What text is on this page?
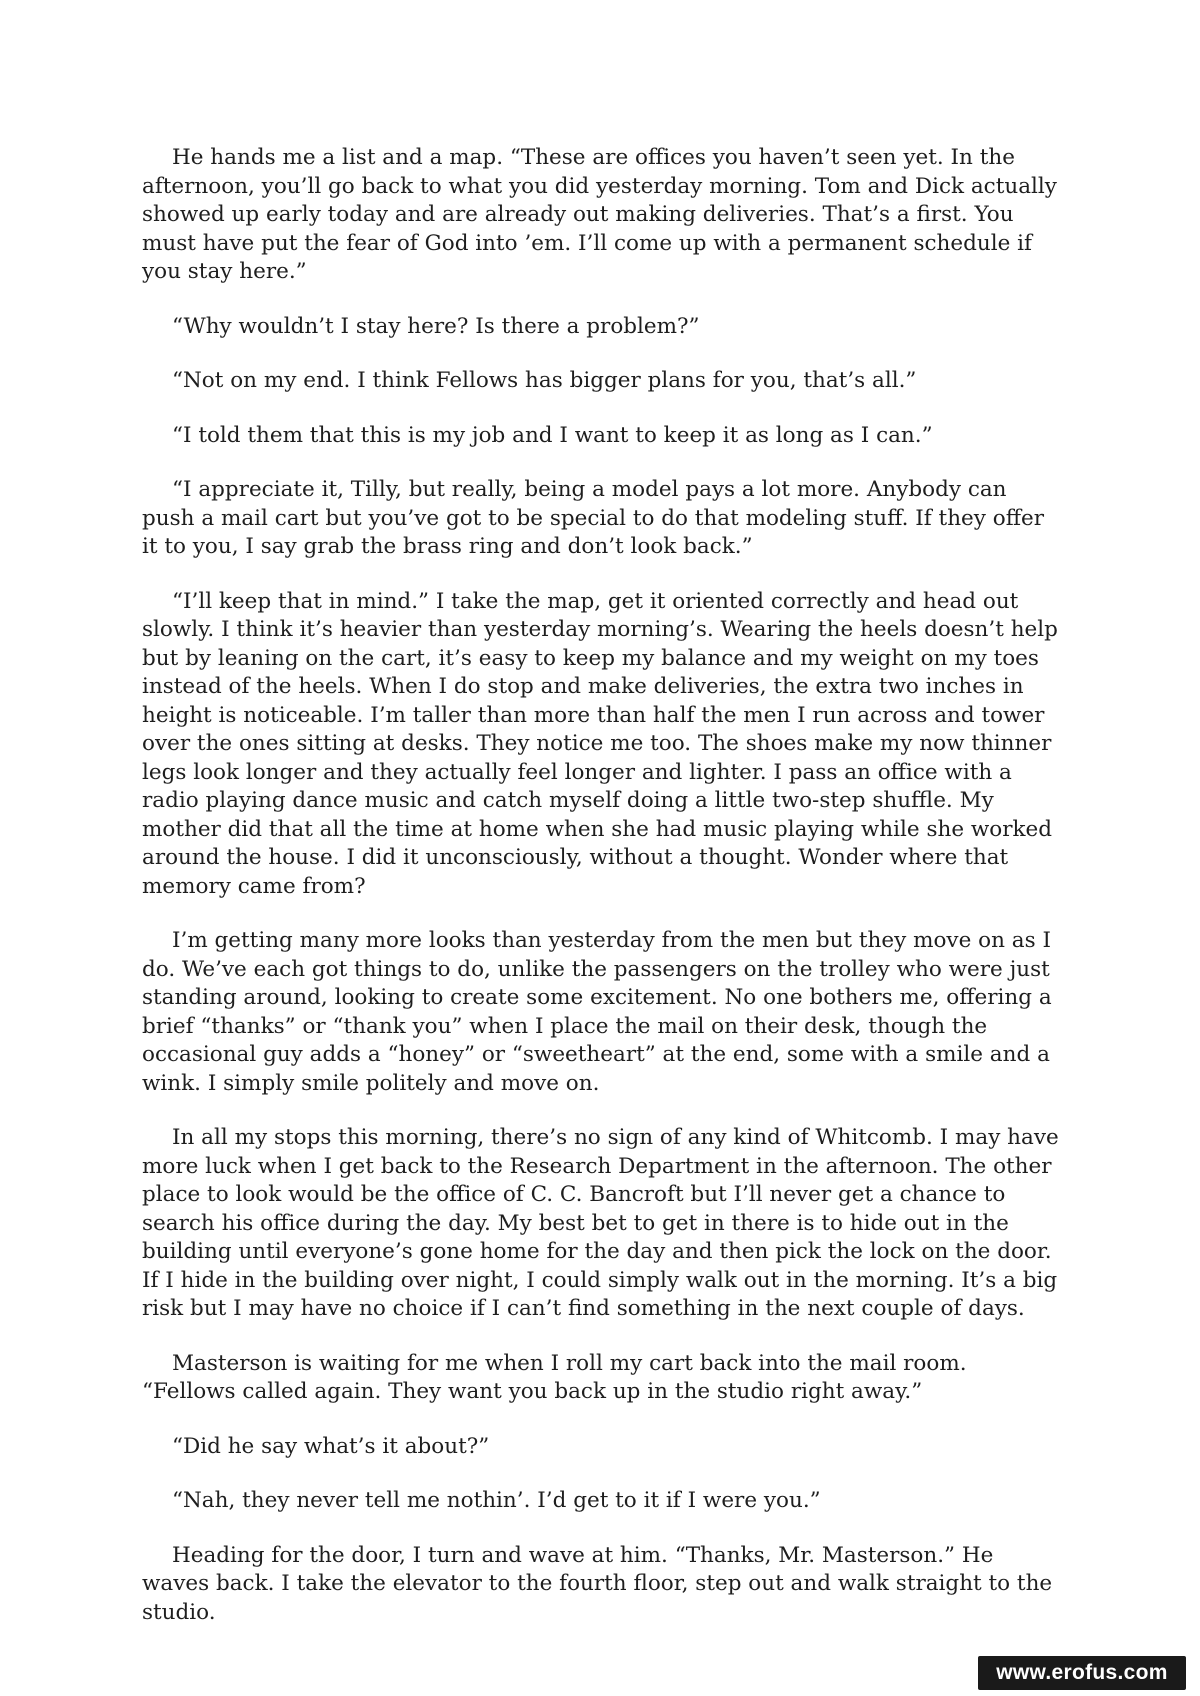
He hands me a list and a map. “These are offices you haven’t seen yet. In the afternoon, you’ll go back to what you did yesterday morning. Tom and Dick actually showed up early today and are already out making deliveries. That’s a first. You must have put the fear of God into ’em. I’ll come up with a permanent schedule if you stay here.”

“Why wouldn’t I stay here? Is there a problem?”

“Not on my end. I think Fellows has bigger plans for you, that’s all.”

“I told them that this is my job and I want to keep it as long as I can.”

“I appreciate it, Tilly, but really, being a model pays a lot more. Anybody can push a mail cart but you’ve got to be special to do that modeling stuff. If they offer it to you, I say grab the brass ring and don’t look back.”

“I’ll keep that in mind.” I take the map, get it oriented correctly and head out slowly. I think it’s heavier than yesterday morning’s. Wearing the heels doesn’t help but by leaning on the cart, it’s easy to keep my balance and my weight on my toes instead of the heels. When I do stop and make deliveries, the extra two inches in height is noticeable. I’m taller than more than half the men I run across and tower over the ones sitting at desks. They notice me too. The shoes make my now thinner legs look longer and they actually feel longer and lighter. I pass an office with a radio playing dance music and catch myself doing a little two-step shuffle. My mother did that all the time at home when she had music playing while she worked around the house. I did it unconsciously, without a thought. Wonder where that memory came from?

I’m getting many more looks than yesterday from the men but they move on as I do. We’ve each got things to do, unlike the passengers on the trolley who were just standing around, looking to create some excitement. No one bothers me, offering a brief “thanks” or “thank you” when I place the mail on their desk, though the occasional guy adds a “honey” or “sweetheart” at the end, some with a smile and a wink. I simply smile politely and move on.

In all my stops this morning, there’s no sign of any kind of Whitcomb. I may have more luck when I get back to the Research Department in the afternoon. The other place to look would be the office of C. C. Bancroft but I’ll never get a chance to search his office during the day. My best bet to get in there is to hide out in the building until everyone’s gone home for the day and then pick the lock on the door. If I hide in the building over night, I could simply walk out in the morning. It’s a big risk but I may have no choice if I can’t find something in the next couple of days.

Masterson is waiting for me when I roll my cart back into the mail room. “Fellows called again. They want you back up in the studio right away.”

“Did he say what’s it about?”

“Nah, they never tell me nothin’. I’d get to it if I were you.”

Heading for the door, I turn and wave at him. “Thanks, Mr. Masterson.” He waves back. I take the elevator to the fourth floor, step out and walk straight to the studio.

www.erofus.com
